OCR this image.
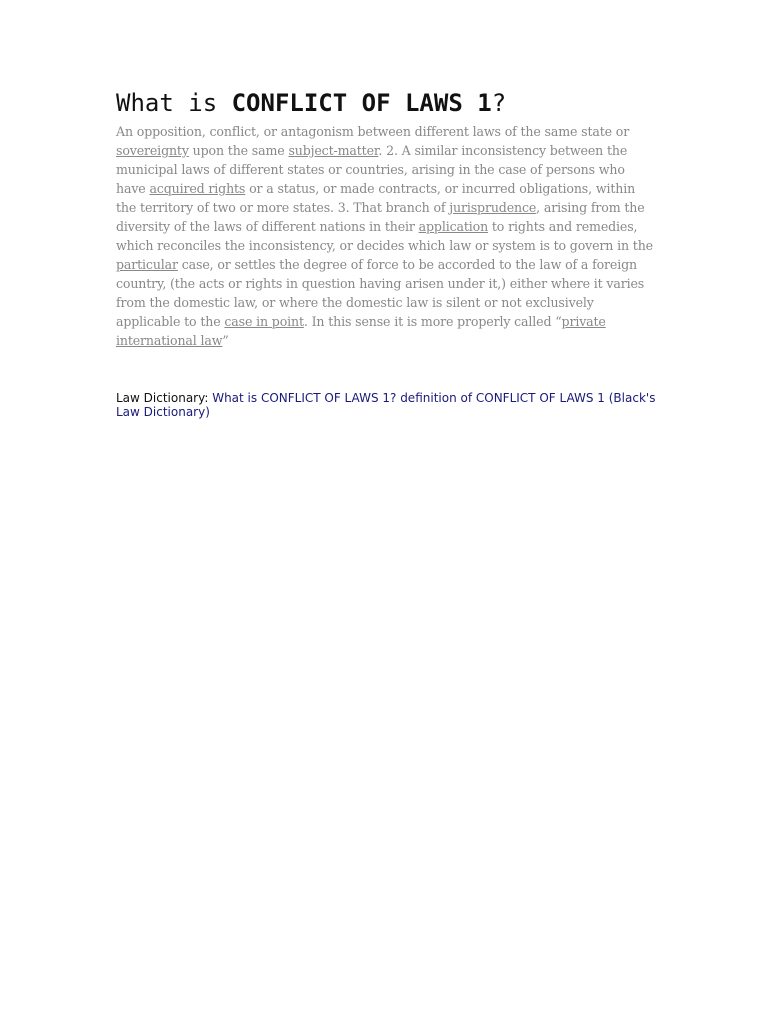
What is CONFLICT OF LAWS 1?

An opposition, conflict, or antagonism between different laws of the same state or sovereignty upon the same subject-matter. 2. A similar inconsistency between the municipal laws of different states or countries, arising in the case of persons who have acquired rights or a status, or made contracts, or incurred obligations, within the territory of two or more states. 3. That branch of jurisprudence, arising from the diversity of the laws of different nations in their application to rights and remedies, which reconciles the inconsistency, or decides which law or system is to govern in the particular case, or settles the degree of force to be accorded to the law of a foreign country, (the acts or rights in question having arisen under it,) either where it varies from the domestic law, or where the domestic law is silent or not exclusively applicable to the case in point. In this sense it is more properly called “private international law”

Law Dictionary: What is CONFLICT OF LAWS 1? definition of CONFLICT OF LAWS 1 (Black's Law Dictionary)
